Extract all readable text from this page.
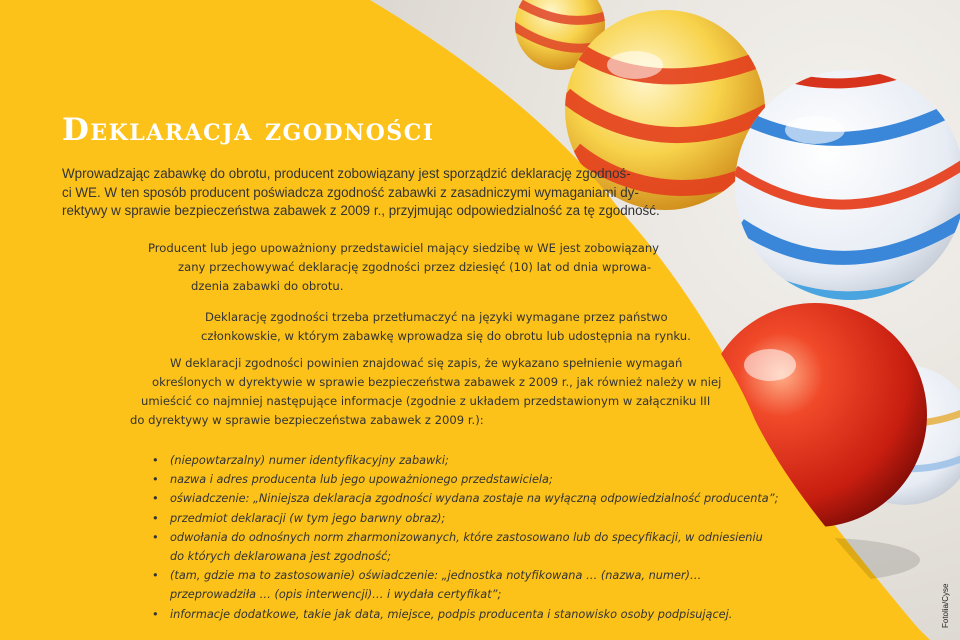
Deklaracja zgodności
Wprowadzając zabawkę do obrotu, producent zobowiązany jest sporządzić deklarację zgodnoś-
ci WE. W ten sposób producent poświadcza zgodność zabawki z zasadniczymi wymaganiami dy-
rektywy w sprawie bezpieczeństwa zabawek z 2009 r., przyjmując odpowiedzialność za tę zgodność.
Producent lub jego upoważniony przedstawiciel mający siedzibę w WE jest zobowiązany
zany przechowywać deklarację zgodności przez dziesięć (10) lat od dnia wprowa-
dzenia zabawki do obrotu.
Deklarację zgodności trzeba przetłumaczyć na języki wymagane przez państwo
członkowskie, w którym zabawkę wprowadza się do obrotu lub udostępnia na rynku.
W deklaracji zgodności powinien znajdować się zapis, że wykazano spełnienie wymagań
określonych w dyrektywie w sprawie bezpieczeństwa zabawek z 2009 r., jak również należy w niej
umieścić co najmniej następujące informacje (zgodnie z układem przedstawionym w załączniku III
do dyrektywy w sprawie bezpieczeństwa zabawek z 2009 r.):
• (niepowtarzalny) numer identyfikacyjny zabawki;
• nazwa i adres producenta lub jego upoważnionego przedstawiciela;
• oświadczenie: „Niniejsza deklaracja zgodności wydana zostaje na wyłączną odpowiedzialność producenta”;
• przedmiot deklaracji (w tym jego barwny obraz);
• odwołania do odnośnych norm zharmonizowanych, które zastosowano lub do specyfikacji, w odniesieniu
do których deklarowana jest zgodność;
• (tam, gdzie ma to zastosowanie) oświadczenie: „jednostka notyfikowana … (nazwa, numer)…
przeprowadziła … (opis interwencji)… i wydała certyfikat”;
• informacje dodatkowe, takie jak data, miejsce, podpis producenta i stanowisko osoby podpisującej.	Fotolia/Cyse
